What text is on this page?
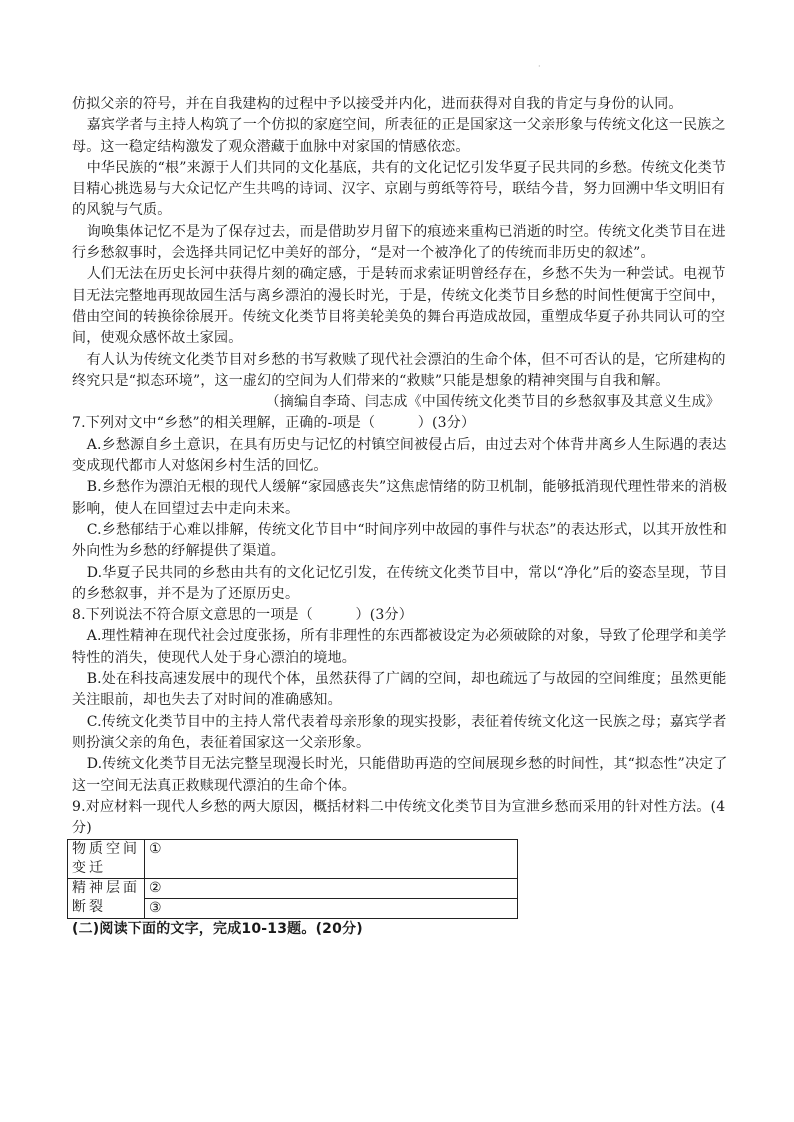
·

仿拟父亲的符号，并在自我建构的过程中予以接受并内化，进而获得对自我的肯定与身份的认同。

嘉宾学者与主持人构筑了一个仿拟的家庭空间，所表征的正是国家这一父亲形象与传统文化这一民族之母。这一稳定结构激发了观众潜藏于血脉中对家国的情感依恋。

中华民族的“根”来源于人们共同的文化基底，共有的文化记忆引发华夏子民共同的乡愁。传统文化类节目精心挑选易与大众记忆产生共鸣的诗词、汉字、京剧与剪纸等符号，联结今昔，努力回溯中华文明旧有的风貌与气质。

询唤集体记忆不是为了保存过去，而是借助岁月留下的痕迹来重构已消逝的时空。传统文化类节目在进行乡愁叙事时，会选择共同记忆中美好的部分，“是对一个被净化了的传统而非历史的叙述”。

人们无法在历史长河中获得片刻的确定感，于是转而求索证明曾经存在，乡愁不失为一种尝试。电视节目无法完整地再现故园生活与离乡漂泊的漫长时光，于是，传统文化类节目乡愁的时间性便寓于空间中，借由空间的转换徐徐展开。传统文化类节目将美轮美奂的舞台再造成故园，重塑成华夏子孙共同认可的空间，使观众感怀故土家园。

有人认为传统文化类节目对乡愁的书写救赎了现代社会漂泊的生命个体，但不可否认的是，它所建构的终究只是“拟态环境”，这一虚幻的空间为人们带来的“救赎”只能是想象的精神突围与自我和解。

（摘编自李琦、闫志成《中国传统文化类节目的乡愁叙事及其意义生成》

7.下列对文中“乡愁”的相关理解，正确的-项是（　　　）(3分）

A.乡愁源自乡土意识，在具有历史与记忆的村镇空间被侵占后，由过去对个体背井离乡人生际遇的表达变成现代都市人对悠闲乡村生活的回忆。

B.乡愁作为漂泊无根的现代人缓解“家园感丧失”这焦虑情绪的防卫机制，能够抵消现代理性带来的消极影响，使人在回望过去中走向未来。

C.乡愁郁结于心难以排解，传统文化节目中“时间序列中故园的事件与状态”的表达形式，以其开放性和外向性为乡愁的纾解提供了渠道。

D.华夏子民共同的乡愁由共有的文化记忆引发，在传统文化类节目中，常以“净化”后的姿态呈现，节目的乡愁叙事，并不是为了还原历史。

8.下列说法不符合原文意思的一项是（　　　）(3分）

A.理性精神在现代社会过度张扬，所有非理性的东西都被设定为必须破除的对象，导致了伦理学和美学特性的消失，使现代人处于身心漂泊的境地。

B.处在科技高速发展中的现代个体，虽然获得了广阔的空间，却也疏远了与故园的空间维度；虽然更能关注眼前，却也失去了对时间的准确感知。

C.传统文化类节目中的主持人常代表着母亲形象的现实投影，表征着传统文化这一民族之母；嘉宾学者则扮演父亲的角色，表征着国家这一父亲形象。

D.传统文化类节目无法完整呈现漫长时光，只能借助再造的空间展现乡愁的时间性，其“拟态性”决定了这一空间无法真正救赎现代漂泊的生命个体。

9.对应材料一现代人乡愁的两大原因，概括材料二中传统文化类节目为宣泄乡愁而采用的针对性方法。(4分)

物质空间变迁	①

精神层面断裂	②
	③

(二)阅读下面的文字，完成10-13题。(20分)
